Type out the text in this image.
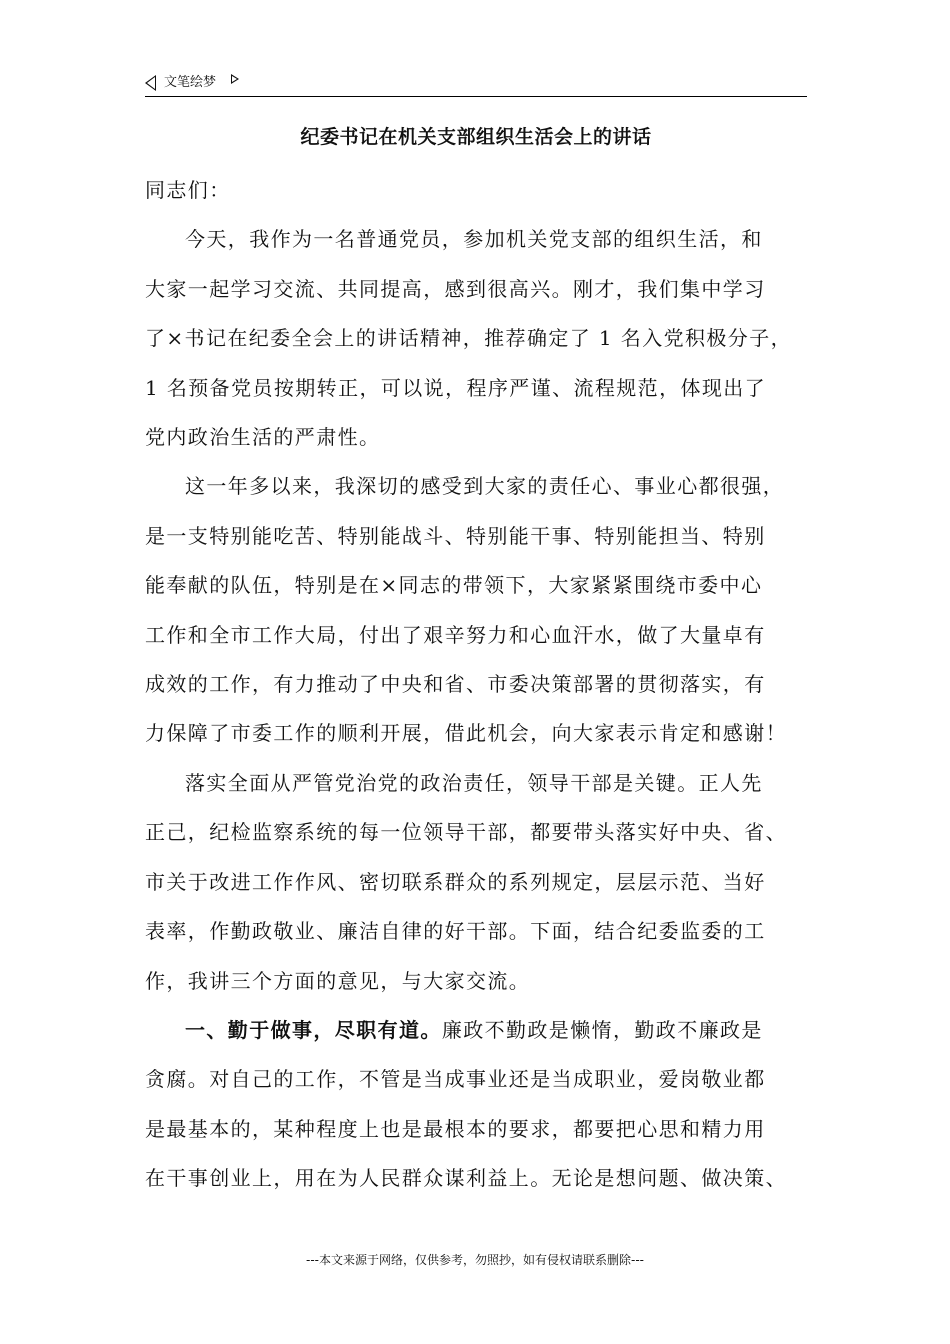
文笔绘梦
纪委书记在机关支部组织生活会上的讲话
同志们：
今天，我作为一名普通党员，参加机关党支部的组织生活，和
大家一起学习交流、共同提高，感到很高兴。刚才，我们集中学习
了×书记在纪委全会上的讲话精神，推荐确定了 1 名入党积极分子，
1 名预备党员按期转正，可以说，程序严谨、流程规范，体现出了
党内政治生活的严肃性。
这一年多以来，我深切的感受到大家的责任心、事业心都很强，
是一支特别能吃苦、特别能战斗、特别能干事、特别能担当、特别
能奉献的队伍，特别是在×同志的带领下，大家紧紧围绕市委中心
工作和全市工作大局，付出了艰辛努力和心血汗水，做了大量卓有
成效的工作，有力推动了中央和省、市委决策部署的贯彻落实，有
力保障了市委工作的顺利开展，借此机会，向大家表示肯定和感谢！
落实全面从严管党治党的政治责任，领导干部是关键。正人先
正己，纪检监察系统的每一位领导干部，都要带头落实好中央、省、
市关于改进工作作风、密切联系群众的系列规定，层层示范、当好
表率，作勤政敬业、廉洁自律的好干部。下面，结合纪委监委的工
作，我讲三个方面的意见，与大家交流。
一、勤于做事，尽职有道。廉政不勤政是懒惰，勤政不廉政是
贪腐。对自己的工作，不管是当成事业还是当成职业，爱岗敬业都
是最基本的，某种程度上也是最根本的要求，都要把心思和精力用
在干事创业上，用在为人民群众谋利益上。无论是想问题、做决策、
---本文来源于网络，仅供参考，勿照抄，如有侵权请联系删除---
